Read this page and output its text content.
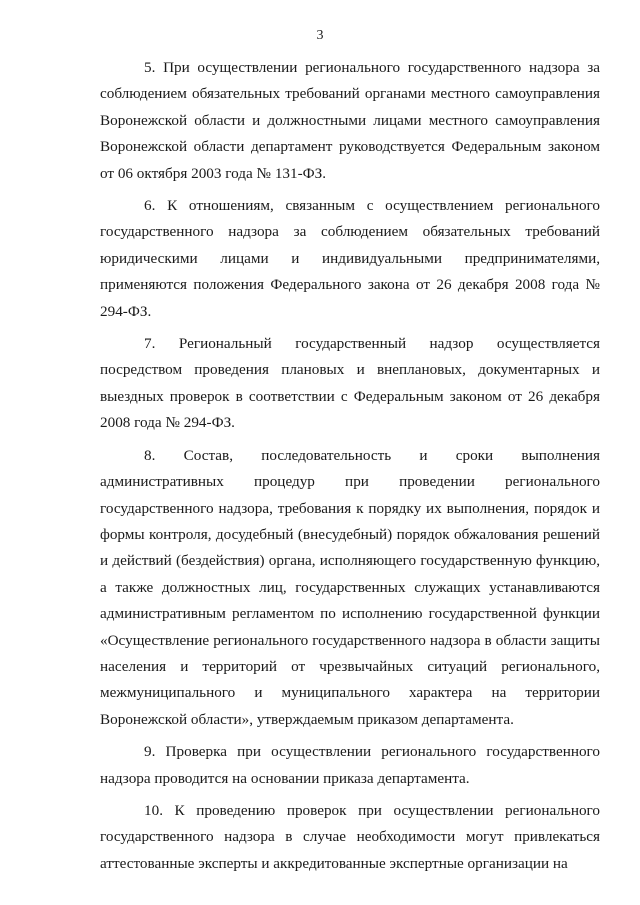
3

5. При осуществлении регионального государственного надзора за соблюдением обязательных требований органами местного самоуправления Воронежской области и должностными лицами местного самоуправления Воронежской области департамент руководствуется Федеральным законом от 06 октября 2003 года № 131-ФЗ.

6. К отношениям, связанным с осуществлением регионального государственного надзора за соблюдением обязательных требований юридическими лицами и индивидуальными предпринимателями, применяются положения Федерального закона от 26 декабря 2008 года № 294-ФЗ.

7. Региональный государственный надзор осуществляется посредством проведения плановых и внеплановых, документарных и выездных проверок в соответствии с Федеральным законом от 26 декабря 2008 года № 294-ФЗ.

8. Состав, последовательность и сроки выполнения административных процедур при проведении регионального государственного надзора, требования к порядку их выполнения, порядок и формы контроля, досудебный (внесудебный) порядок обжалования решений и действий (бездействия) органа, исполняющего государственную функцию, а также должностных лиц, государственных служащих устанавливаются административным регламентом по исполнению государственной функции «Осуществление регионального государственного надзора в области защиты населения и территорий от чрезвычайных ситуаций регионального, межмуниципального и муниципального характера на территории Воронежской области», утверждаемым приказом департамента.

9. Проверка при осуществлении регионального государственного надзора проводится на основании приказа департамента.

10. К проведению проверок при осуществлении регионального государственного надзора в случае необходимости могут привлекаться аттестованные эксперты и аккредитованные экспертные организации на
